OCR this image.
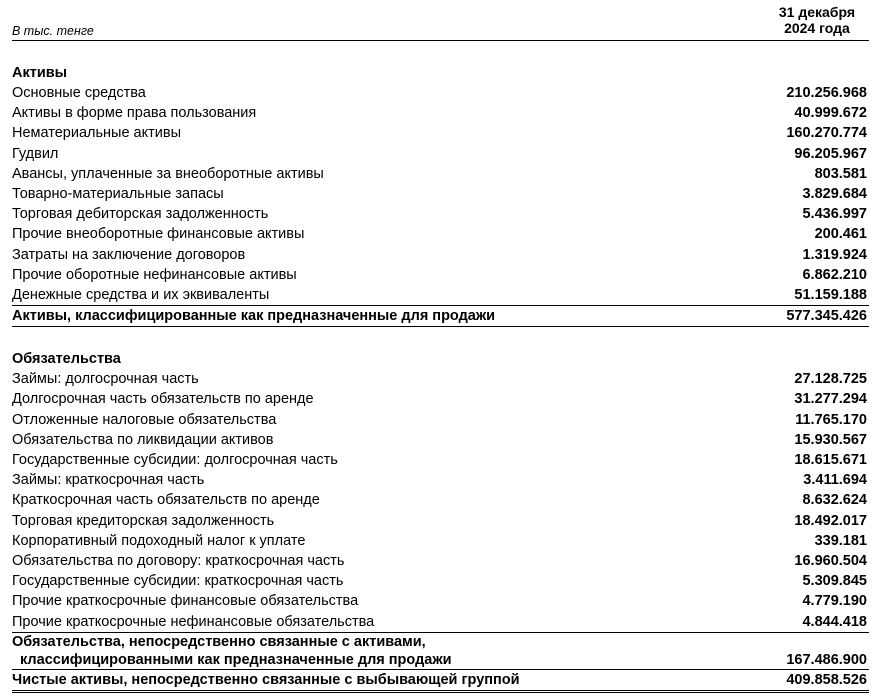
В тыс. тенге
31 декабря
2024 года
Активы
Основные средства	210.256.968
Активы в форме права пользования	40.999.672
Нематериальные активы	160.270.774
Гудвил	96.205.967
Авансы, уплаченные за внеоборотные активы	803.581
Товарно-материальные запасы	3.829.684
Торговая дебиторская задолженность	5.436.997
Прочие внеоборотные финансовые активы	200.461
Затраты на заключение договоров	1.319.924
Прочие оборотные нефинансовые активы	6.862.210
Денежные средства и их эквиваленты	51.159.188
Активы, классифицированные как предназначенные для продажи	577.345.426
Обязательства
Займы: долгосрочная часть	27.128.725
Долгосрочная часть обязательств по аренде	31.277.294
Отложенные налоговые обязательства	11.765.170
Обязательства по ликвидации активов	15.930.567
Государственные субсидии: долгосрочная часть	18.615.671
Займы: краткосрочная часть	3.411.694
Краткосрочная часть обязательств по аренде	8.632.624
Торговая кредиторская задолженность	18.492.017
Корпоративный подоходный налог к уплате	339.181
Обязательства по договору: краткосрочная часть	16.960.504
Государственные субсидии: краткосрочная часть	5.309.845
Прочие краткосрочные финансовые обязательства	4.779.190
Прочие краткосрочные нефинансовые обязательства	4.844.418
Обязательства, непосредственно связанные с активами,
классифицированными как предназначенные для продажи	167.486.900
Чистые активы, непосредственно связанные с выбывающей группой	409.858.526
